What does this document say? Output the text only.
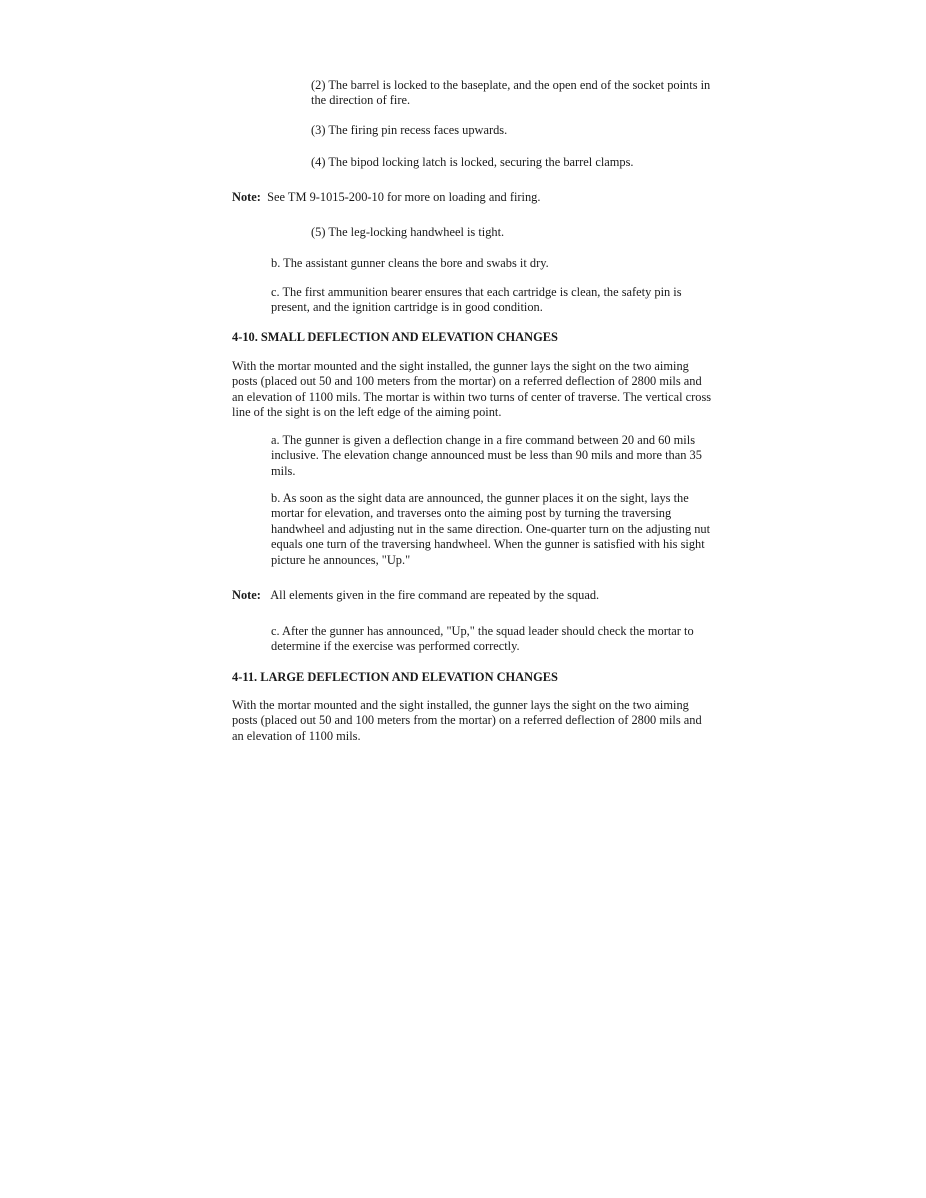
(2) The barrel is locked to the baseplate, and the open end of the socket points in the direction of fire.

(3) The firing pin recess faces upwards.

(4) The bipod locking latch is locked, securing the barrel clamps.

Note: See TM 9-1015-200-10 for more on loading and firing.

(5) The leg-locking handwheel is tight.

b. The assistant gunner cleans the bore and swabs it dry.

c. The first ammunition bearer ensures that each cartridge is clean, the safety pin is present, and the ignition cartridge is in good condition.

4-10. SMALL DEFLECTION AND ELEVATION CHANGES

With the mortar mounted and the sight installed, the gunner lays the sight on the two aiming posts (placed out 50 and 100 meters from the mortar) on a referred deflection of 2800 mils and an elevation of 1100 mils. The mortar is within two turns of center of traverse. The vertical cross line of the sight is on the left edge of the aiming point.

a. The gunner is given a deflection change in a fire command between 20 and 60 mils inclusive. The elevation change announced must be less than 90 mils and more than 35 mils.

b. As soon as the sight data are announced, the gunner places it on the sight, lays the mortar for elevation, and traverses onto the aiming post by turning the traversing handwheel and adjusting nut in the same direction. One-quarter turn on the adjusting nut equals one turn of the traversing handwheel. When the gunner is satisfied with his sight picture he announces, "Up."

Note: All elements given in the fire command are repeated by the squad.

c. After the gunner has announced, "Up," the squad leader should check the mortar to determine if the exercise was performed correctly.

4-11. LARGE DEFLECTION AND ELEVATION CHANGES

With the mortar mounted and the sight installed, the gunner lays the sight on the two aiming posts (placed out 50 and 100 meters from the mortar) on a referred deflection of 2800 mils and an elevation of 1100 mils.
